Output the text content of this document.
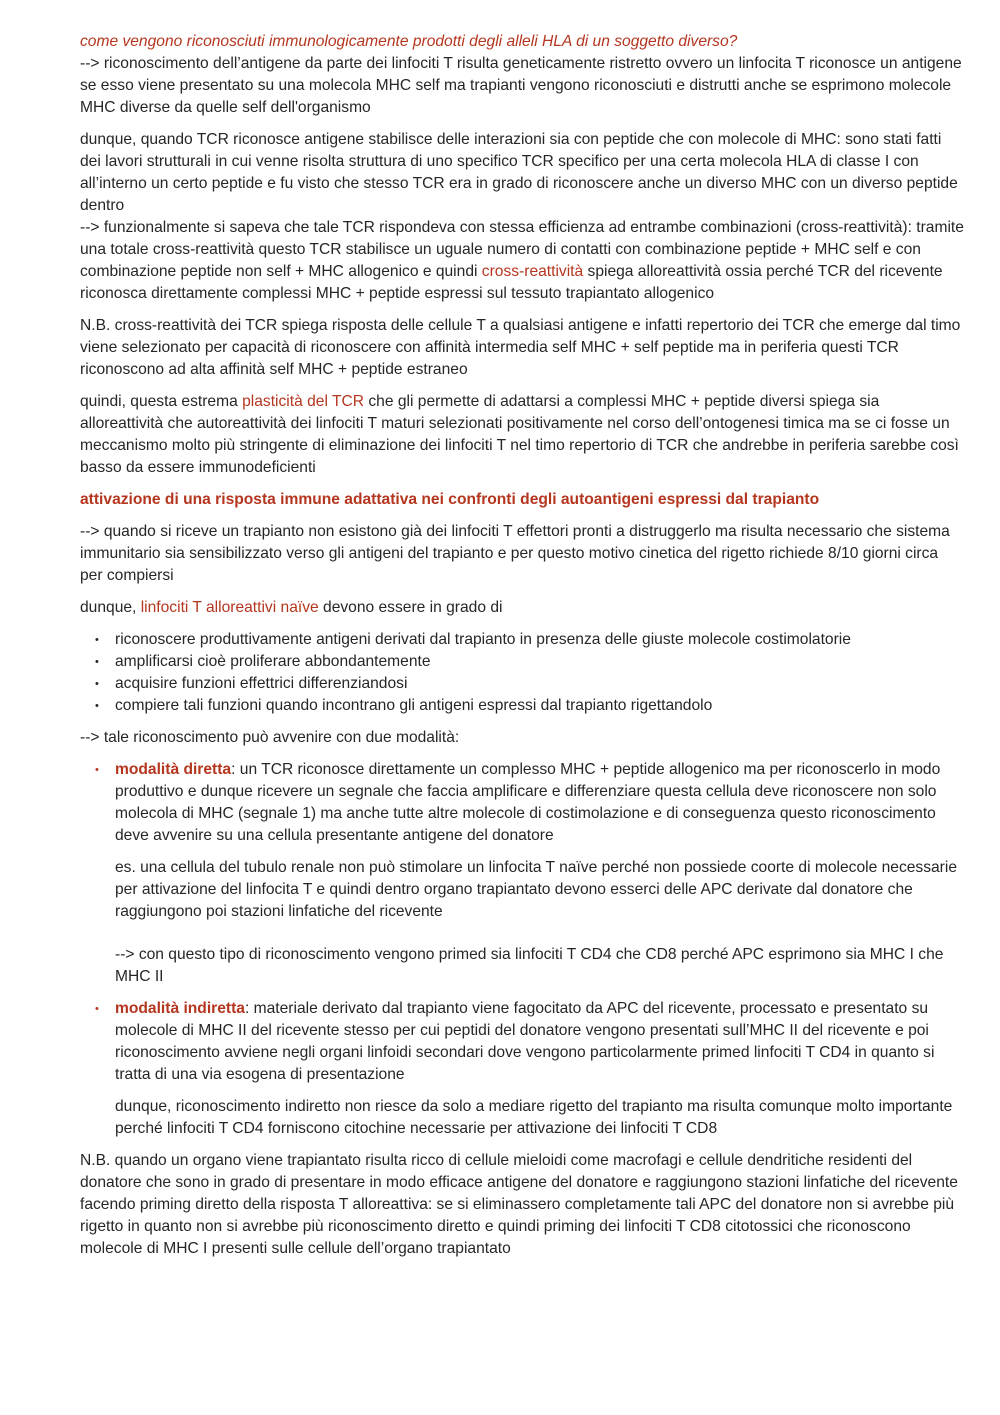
come vengono riconosciuti immunologicamente prodotti degli alleli HLA di un soggetto diverso?

--> riconoscimento dell’antigene da parte dei linfociti T risulta geneticamente ristretto ovvero un linfocita T riconosce un antigene se esso viene presentato su una molecola MHC self ma trapianti vengono riconosciuti e distrutti anche se esprimono molecole MHC diverse da quelle self dell'organismo

dunque, quando TCR riconosce antigene stabilisce delle interazioni sia con peptide che con molecole di MHC: sono stati fatti dei lavori strutturali in cui venne risolta struttura di uno specifico TCR specifico per una certa molecola HLA di classe I con all’interno un certo peptide e fu visto che stesso TCR era in grado di riconoscere anche un diverso MHC con un diverso peptide dentro

--> funzionalmente si sapeva che tale TCR rispondeva con stessa efficienza ad entrambe combinazioni (cross-reattività): tramite una totale cross-reattività questo TCR stabilisce un uguale numero di contatti con combinazione peptide + MHC self e con combinazione peptide non self + MHC allogenico e quindi cross-reattività spiega alloreattività ossia perché TCR del ricevente riconosca direttamente complessi MHC + peptide espressi sul tessuto trapiantato allogenico

N.B. cross-reattività dei TCR spiega risposta delle cellule T a qualsiasi antigene e infatti repertorio dei TCR che emerge dal timo viene selezionato per capacità di riconoscere con affinità intermedia self MHC + self peptide ma in periferia questi TCR riconoscono ad alta affinità self MHC + peptide estraneo

quindi, questa estrema plasticità del TCR che gli permette di adattarsi a complessi MHC + peptide diversi spiega sia alloreattività che autoreattività dei linfociti T maturi selezionati positivamente nel corso dell’ontogenesi timica ma se ci fosse un meccanismo molto più stringente di eliminazione dei linfociti T nel timo repertorio di TCR che andrebbe in periferia sarebbe così basso da essere immunodeficienti

attivazione di una risposta immune adattativa nei confronti degli autoantigeni espressi dal trapianto

--> quando si riceve un trapianto non esistono già dei linfociti T effettori pronti a distruggerlo ma risulta necessario che sistema immunitario sia sensibilizzato verso gli antigeni del trapianto e per questo motivo cinetica del rigetto richiede 8/10 giorni circa per compiersi

dunque, linfociti T alloreattivi naïve devono essere in grado di

• riconoscere produttivamente antigeni derivati dal trapianto in presenza delle giuste molecole costimolatorie
• amplificarsi cioè proliferare abbondantemente
• acquisire funzioni effettrici differenziandosi
• compiere tali funzioni quando incontrano gli antigeni espressi dal trapianto rigettandolo

--> tale riconoscimento può avvenire con due modalità:

• modalità diretta: un TCR riconosce direttamente un complesso MHC + peptide allogenico ma per riconoscerlo in modo produttivo e dunque ricevere un segnale che faccia amplificare e differenziare questa cellula deve riconoscere non solo molecola di MHC (segnale 1) ma anche tutte altre molecole di costimolazione e di conseguenza questo riconoscimento deve avvenire su una cellula presentante antigene del donatore

es. una cellula del tubulo renale non può stimolare un linfocita T naïve perché non possiede coorte di molecole necessarie per attivazione del linfocita T e quindi dentro organo trapiantato devono esserci delle APC derivate dal donatore che raggiungono poi stazioni linfatiche del ricevente

--> con questo tipo di riconoscimento vengono primed sia linfociti T CD4 che CD8 perché APC esprimono sia MHC I che MHC II

• modalità indiretta: materiale derivato dal trapianto viene fagocitato da APC del ricevente, processato e presentato su molecole di MHC II del ricevente stesso per cui peptidi del donatore vengono presentati sull’MHC II del ricevente e poi riconoscimento avviene negli organi linfoidi secondari dove vengono particolarmente primed linfociti T CD4 in quanto si tratta di una via esogena di presentazione

dunque, riconoscimento indiretto non riesce da solo a mediare rigetto del trapianto ma risulta comunque molto importante perché linfociti T CD4 forniscono citochine necessarie per attivazione dei linfociti T CD8

N.B. quando un organo viene trapiantato risulta ricco di cellule mieloidi come macrofagi e cellule dendritiche residenti del donatore che sono in grado di presentare in modo efficace antigene del donatore e raggiungono stazioni linfatiche del ricevente facendo priming diretto della risposta T alloreattiva: se si eliminassero completamente tali APC del donatore non si avrebbe più rigetto in quanto non si avrebbe più riconoscimento diretto e quindi priming dei linfociti T CD8 citotossici che riconoscono molecole di MHC I presenti sulle cellule dell’organo trapiantato
